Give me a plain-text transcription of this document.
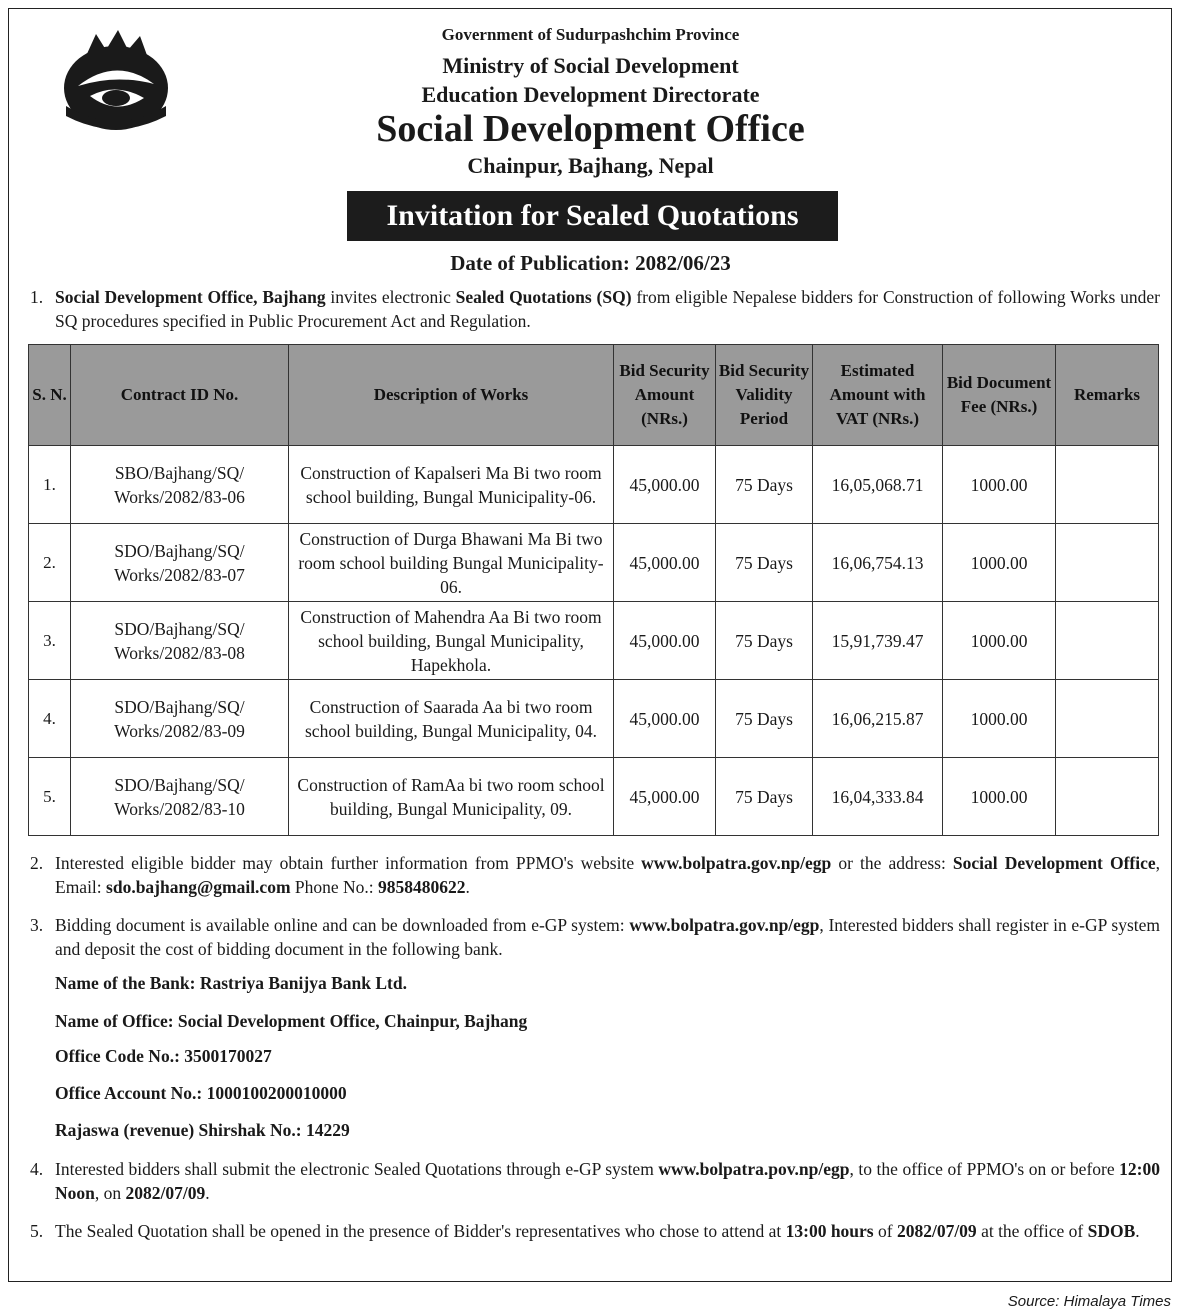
Government of Sudurpashchim Province
Ministry of Social Development
Education Development Directorate
Social Development Office
Chainpur, Bajhang, Nepal
Invitation for Sealed Quotations
Date of Publication: 2082/06/23
1. Social Development Office, Bajhang invites electronic Sealed Quotations (SQ) from eligible Nepalese bidders for Construction of following Works under SQ procedures specified in Public Procurement Act and Regulation.
S. N.	Contract ID No.	Description of Works	Bid Security Amount (NRs.)	Bid Security Validity Period	Estimated Amount with VAT (NRs.)	Bid Document Fee (NRs.)	Remarks
1.	SBO/Bajhang/SQ/ Works/2082/83-06	Construction of Kapalseri Ma Bi two room school building, Bungal Municipality-06.	45,000.00	75 Days	16,05,068.71	1000.00	
2.	SDO/Bajhang/SQ/ Works/2082/83-07	Construction of Durga Bhawani Ma Bi two room school building Bungal Municipality-06.	45,000.00	75 Days	16,06,754.13	1000.00	
3.	SDO/Bajhang/SQ/ Works/2082/83-08	Construction of Mahendra Aa Bi two room school building, Bungal Municipality, Hapekhola.	45,000.00	75 Days	15,91,739.47	1000.00	
4.	SDO/Bajhang/SQ/ Works/2082/83-09	Construction of Saarada Aa bi two room school building, Bungal Municipality, 04.	45,000.00	75 Days	16,06,215.87	1000.00	
5.	SDO/Bajhang/SQ/ Works/2082/83-10	Construction of RamAa bi two room school building, Bungal Municipality, 09.	45,000.00	75 Days	16,04,333.84	1000.00	
2. Interested eligible bidder may obtain further information from PPMO's website www.bolpatra.gov.np/egp or the address: Social Development Office, Email: sdo.bajhang@gmail.com Phone No.: 9858480622.
3. Bidding document is available online and can be downloaded from e-GP system: www.bolpatra.gov.np/egp, Interested bidders shall register in e-GP system and deposit the cost of bidding document in the following bank.
Name of the Bank: Rastriya Banijya Bank Ltd.
Name of Office: Social Development Office, Chainpur, Bajhang
Office Code No.: 3500170027
Office Account No.: 1000100200010000
Rajaswa (revenue) Shirshak No.: 14229
4. Interested bidders shall submit the electronic Sealed Quotations through e-GP system www.bolpatra.pov.np/egp, to the office of PPMO's on or before 12:00 Noon, on 2082/07/09.
5. The Sealed Quotation shall be opened in the presence of Bidder's representatives who chose to attend at 13:00 hours of 2082/07/09 at the office of SDOB.
Source: Himalaya Times
